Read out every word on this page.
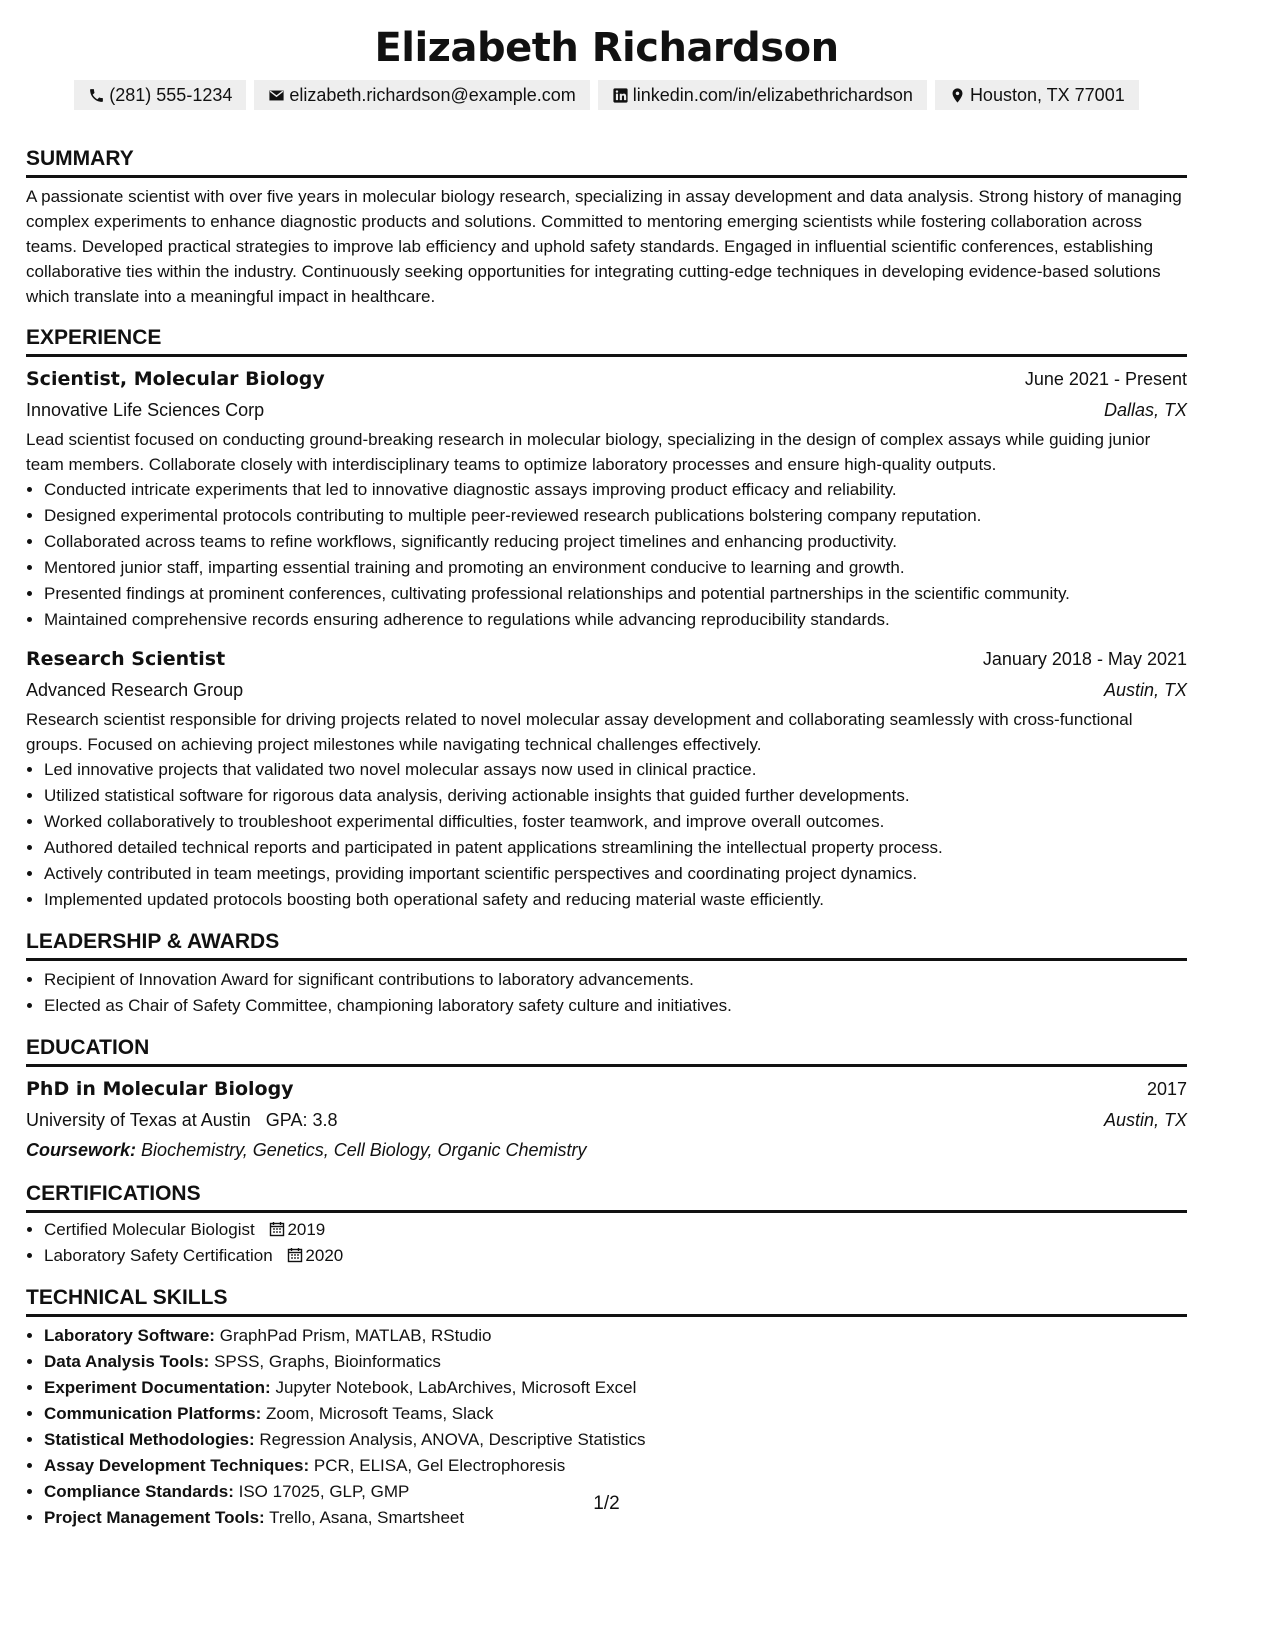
Elizabeth Richardson
(281) 555-1234	elizabeth.richardson@example.com	linkedin.com/in/elizabethrichardson	Houston, TX 77001
SUMMARY

A passionate scientist with over five years in molecular biology research, specializing in assay development and data analysis. Strong history of managing complex experiments to enhance diagnostic products and solutions. Committed to mentoring emerging scientists while fostering collaboration across teams. Developed practical strategies to improve lab efficiency and uphold safety standards. Engaged in influential scientific conferences, establishing collaborative ties within the industry. Continuously seeking opportunities for integrating cutting-edge techniques in developing evidence-based solutions which translate into a meaningful impact in healthcare.

EXPERIENCE
Scientist, Molecular Biology	June 2021 - Present
Innovative Life Sciences Corp	Dallas, TX

Lead scientist focused on conducting ground-breaking research in molecular biology, specializing in the design of complex assays while guiding junior team members. Collaborate closely with interdisciplinary teams to optimize laboratory processes and ensure high-quality outputs.

• Conducted intricate experiments that led to innovative diagnostic assays improving product efficacy and reliability.
• Designed experimental protocols contributing to multiple peer-reviewed research publications bolstering company reputation.
• Collaborated across teams to refine workflows, significantly reducing project timelines and enhancing productivity.
• Mentored junior staff, imparting essential training and promoting an environment conducive to learning and growth.
• Presented findings at prominent conferences, cultivating professional relationships and potential partnerships in the scientific community.
• Maintained comprehensive records ensuring adherence to regulations while advancing reproducibility standards.
Research Scientist	January 2018 - May 2021
Advanced Research Group	Austin, TX

Research scientist responsible for driving projects related to novel molecular assay development and collaborating seamlessly with cross-functional groups. Focused on achieving project milestones while navigating technical challenges effectively.

• Led innovative projects that validated two novel molecular assays now used in clinical practice.
• Utilized statistical software for rigorous data analysis, deriving actionable insights that guided further developments.
• Worked collaboratively to troubleshoot experimental difficulties, foster teamwork, and improve overall outcomes.
• Authored detailed technical reports and participated in patent applications streamlining the intellectual property process.
• Actively contributed in team meetings, providing important scientific perspectives and coordinating project dynamics.
• Implemented updated protocols boosting both operational safety and reducing material waste efficiently.
LEADERSHIP & AWARDS
• Recipient of Innovation Award for significant contributions to laboratory advancements.
• Elected as Chair of Safety Committee, championing laboratory safety culture and initiatives.
EDUCATION
PhD in Molecular Biology	2017
University of Texas at Austin GPA: 3.8	Austin, TX
Coursework: Biochemistry, Genetics, Cell Biology, Organic Chemistry
CERTIFICATIONS
• Certified Molecular Biologist 2019
• Laboratory Safety Certification 2020
TECHNICAL SKILLS
• Laboratory Software: GraphPad Prism, MATLAB, RStudio
• Data Analysis Tools: SPSS, Graphs, Bioinformatics
• Experiment Documentation: Jupyter Notebook, LabArchives, Microsoft Excel
• Communication Platforms: Zoom, Microsoft Teams, Slack
• Statistical Methodologies: Regression Analysis, ANOVA, Descriptive Statistics
• Assay Development Techniques: PCR, ELISA, Gel Electrophoresis
• Compliance Standards: ISO 17025, GLP, GMP
• Project Management Tools: Trello, Asana, Smartsheet
1/2
